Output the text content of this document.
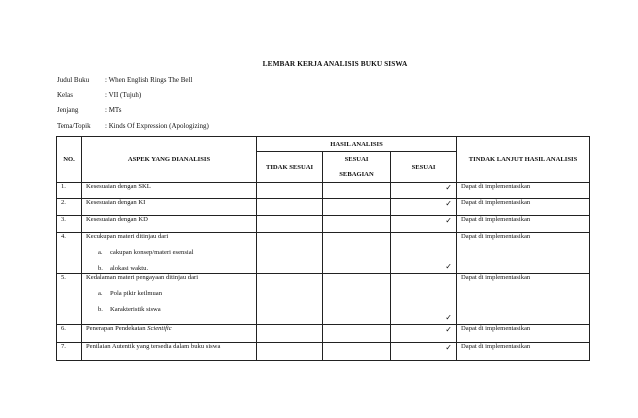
LEMBAR KERJA ANALISIS BUKU SISWA
Judul Buku	: When English Rings The Bell
Kelas	: VII (Tujuh)
Jenjang	: MTs
Tema/Topik	: Kinds Of Expression (Apologizing)
NO.	ASPEK YANG DIANALISIS	HASIL ANALISIS			TINDAK LANJUT HASIL ANALISIS
		TIDAK SESUAI	SESUAI SEBAGIAN	SESUAI	
1.	Kesesuaian dengan SKL			✓	Dapat di implementasikan
2.	Kesesuaian dengan KI			✓	Dapat di implementasikan
3.	Kesesuaian dengan KD			✓	Dapat di implementasikan
4.	Kecukupan materi ditinjau dari
a. cakupan konsep/materi esensial
b. alokasi waktu.			✓	Dapat di implementasikan
5.	Kedalaman materi pengayaan ditinjau dari
a. Pola pikir keilmuan
b. Karakteristik siswa			✓	Dapat di implementasikan
6.	Penerapan Pendekatan Scientific			✓	Dapat di implementasikan
7.	Penilaian Autentik yang tersedia dalam buku siswa			✓	Dapat di implementasikan
